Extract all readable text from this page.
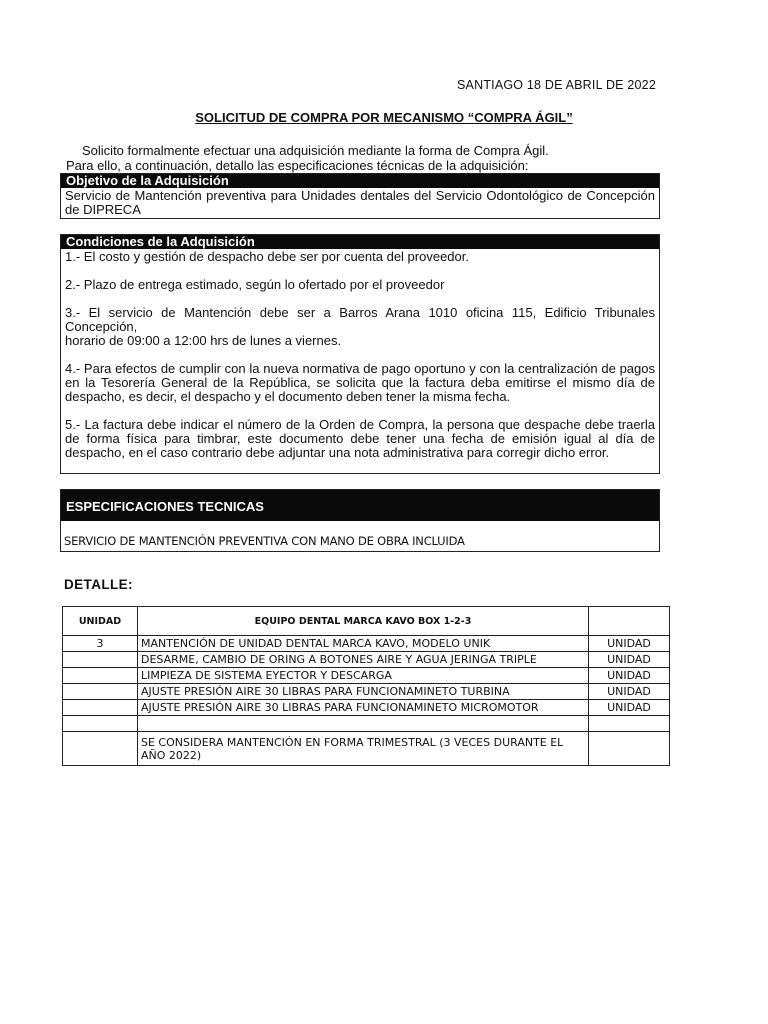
SANTIAGO 18 DE ABRIL DE 2022
SOLICITUD DE COMPRA POR MECANISMO “COMPRA ÁGIL”
Solicito formalmente efectuar una adquisición mediante la forma de Compra Ágil.
Para ello, a continuación, detallo las especificaciones técnicas de la adquisición:
Objetivo de la Adquisición
Servicio de Mantención preventiva para Unidades dentales del Servicio Odontológico de Concepción de DIPRECA
Condiciones de la Adquisición

1.- El costo y gestión de despacho debe ser por cuenta del proveedor.

2.- Plazo de entrega estimado, según lo ofertado por el proveedor

3.- El servicio de Mantención debe ser a Barros Arana 1010 oficina 115, Edificio Tribunales Concepción,

horario de 09:00 a 12:00 hrs de lunes a viernes.

4.- Para efectos de cumplir con la nueva normativa de pago oportuno y con la centralización de pagos en la Tesorería General de la República, se solicita que la factura deba emitirse el mismo día de despacho, es decir, el despacho y el documento deben tener la misma fecha.

5.- La factura debe indicar el número de la Orden de Compra, la persona que despache debe traerla de forma física para timbrar, este documento debe tener una fecha de emisión igual al día de despacho, en el caso contrario debe adjuntar una nota administrativa para corregir dicho error.

ESPECIFICACIONES TECNICAS
SERVICIO DE MANTENCIÓN PREVENTIVA CON MANO DE OBRA INCLUIDA
DETALLE:
UNIDAD	EQUIPO DENTAL MARCA KAVO BOX 1-2-3	
3	MANTENCIÓN DE UNIDAD DENTAL MARCA KAVO, MODELO UNIK	UNIDAD
	DESARME, CAMBIO DE ORING A BOTONES AIRE Y AGUA JERINGA TRIPLE	UNIDAD
	LIMPIEZA DE SISTEMA EYECTOR Y DESCARGA	UNIDAD
	AJUSTE PRESIÓN AIRE 30 LIBRAS PARA FUNCIONAMINETO TURBINA	UNIDAD
	AJUSTE PRESIÓN AIRE 30 LIBRAS PARA FUNCIONAMINETO MICROMOTOR	UNIDAD

	SE CONSIDERA MANTENCIÓN EN FORMA TRIMESTRAL (3 VECES DURANTE EL AÑO 2022)	
